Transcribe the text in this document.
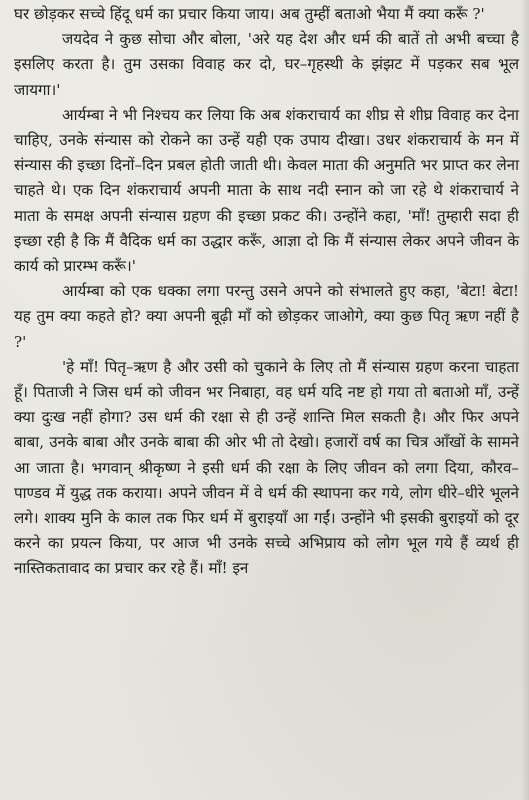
घर छोड़कर सच्चे हिंदू धर्म का प्रचार किया जाय। अब तुम्हीं बताओ भैया मैं क्या करूँ ?'

जयदेव ने कुछ सोचा और बोला, 'अरे यह देश और धर्म की बातें तो अभी बच्चा है इसलिए करता है। तुम उसका विवाह कर दो, घर–गृहस्थी के झंझट में पड़कर सब भूल जायगा।'

आर्यम्बा ने भी निश्चय कर लिया कि अब शंकराचार्य का शीघ्र से शीघ्र विवाह कर देना चाहिए, उनके संन्यास को रोकने का उन्हें यही एक उपाय दीखा। उधर शंकराचार्य के मन में संन्यास की इच्छा दिनों–दिन प्रबल होती जाती थी। केवल माता की अनुमति भर प्राप्त कर लेना चाहते थे। एक दिन शंकराचार्य अपनी माता के साथ नदी स्नान को जा रहे थे शंकराचार्य ने माता के समक्ष अपनी संन्यास ग्रहण की इच्छा प्रकट की। उन्होंने कहा, 'माँ! तुम्हारी सदा ही इच्छा रही है कि मैं वैदिक धर्म का उद्धार करूँ, आज्ञा दो कि मैं संन्यास लेकर अपने जीवन के कार्य को प्रारम्भ करूँ।'

आर्यम्बा को एक धक्का लगा परन्तु उसने अपने को संभालते हुए कहा, 'बेटा! बेटा! यह तुम क्या कहते हो? क्या अपनी बूढ़ी माँ को छोड़कर जाओगे, क्या कुछ पितृ ऋण नहीं है ?'

'हे माँ! पितृ–ऋण है और उसी को चुकाने के लिए तो मैं संन्यास ग्रहण करना चाहता हूँ। पिताजी ने जिस धर्म को जीवन भर निबाहा, वह धर्म यदि नष्ट हो गया तो बताओ माँ, उन्हें क्या दुःख नहीं होगा? उस धर्म की रक्षा से ही उन्हें शान्ति मिल सकती है। और फिर अपने बाबा, उनके बाबा और उनके बाबा की ओर भी तो देखो। हजारों वर्ष का चित्र आँखों के सामने आ जाता है। भगवान् श्रीकृष्ण ने इसी धर्म की रक्षा के लिए जीवन को लगा दिया, कौरव–पाण्डव में युद्ध तक कराया। अपने जीवन में वे धर्म की स्थापना कर गये, लोग धीरे–धीरे भूलने लगे। शाक्य मुनि के काल तक फिर धर्म में बुराइयाँ आ गईं। उन्होंने भी इसकी बुराइयों को दूर करने का प्रयत्न किया, पर आज भी उनके सच्चे अभिप्राय को लोग भूल गये हैं व्यर्थ ही नास्तिकतावाद का प्रचार कर रहे हैं। माँ! इन
